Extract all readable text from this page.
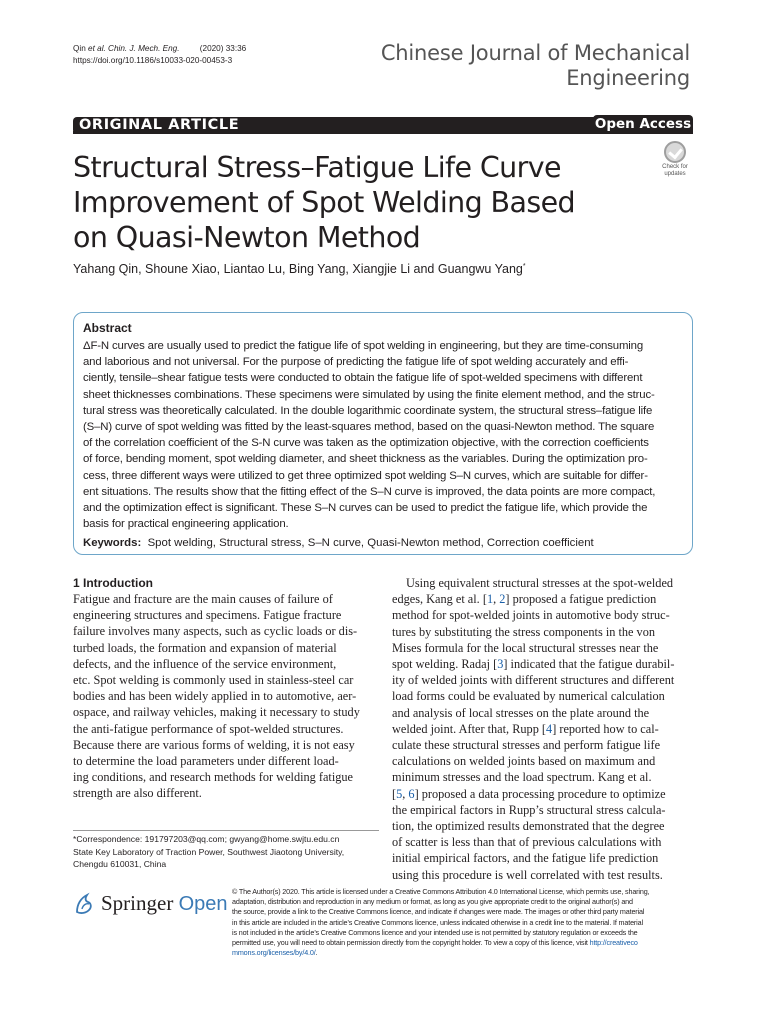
Qin et al. Chin. J. Mech. Eng. (2020) 33:36
https://doi.org/10.1186/s10033-020-00453-3	Chinese Journal of Mechanical
Engineering
ORIGINAL ARTICLE	Open Access
Structural Stress–Fatigue Life Curve
Improvement of Spot Welding Based
on Quasi-Newton Method
Check for updates
Yahang Qin, Shoune Xiao, Liantao Lu, Bing Yang, Xiangjie Li and Guangwu Yang*
Abstract
ΔF-N curves are usually used to predict the fatigue life of spot welding in engineering, but they are time-consuming
and laborious and not universal. For the purpose of predicting the fatigue life of spot welding accurately and effi-
ciently, tensile–shear fatigue tests were conducted to obtain the fatigue life of spot-welded specimens with different
sheet thicknesses combinations. These specimens were simulated by using the finite element method, and the struc-
tural stress was theoretically calculated. In the double logarithmic coordinate system, the structural stress–fatigue life
(S–N) curve of spot welding was fitted by the least-squares method, based on the quasi-Newton method. The square
of the correlation coefficient of the S-N curve was taken as the optimization objective, with the correction coefficients
of force, bending moment, spot welding diameter, and sheet thickness as the variables. During the optimization pro-
cess, three different ways were utilized to get three optimized spot welding S–N curves, which are suitable for differ-
ent situations. The results show that the fitting effect of the S–N curve is improved, the data points are more compact,
and the optimization effect is significant. These S–N curves can be used to predict the fatigue life, which provide the
basis for practical engineering application.
Keywords: Spot welding, Structural stress, S–N curve, Quasi-Newton method, Correction coefficient
1 Introduction
Fatigue and fracture are the main causes of failure of
engineering structures and specimens. Fatigue fracture
failure involves many aspects, such as cyclic loads or dis-
turbed loads, the formation and expansion of material
defects, and the influence of the service environment,
etc. Spot welding is commonly used in stainless-steel car
bodies and has been widely applied in to automotive, aer-
ospace, and railway vehicles, making it necessary to study
the anti-fatigue performance of spot-welded structures.
Because there are various forms of welding, it is not easy
to determine the load parameters under different load-
ing conditions, and research methods for welding fatigue
strength are also different.
Using equivalent structural stresses at the spot-welded
edges, Kang et al. [1, 2] proposed a fatigue prediction
method for spot-welded joints in automotive body struc-
tures by substituting the stress components in the von
Mises formula for the local structural stresses near the
spot welding. Radaj [3] indicated that the fatigue durabil-
ity of welded joints with different structures and different
load forms could be evaluated by numerical calculation
and analysis of local stresses on the plate around the
welded joint. After that, Rupp [4] reported how to cal-
culate these structural stresses and perform fatigue life
calculations on welded joints based on maximum and
minimum stresses and the load spectrum. Kang et al.
[5, 6] proposed a data processing procedure to optimize
the empirical factors in Rupp’s structural stress calcula-
tion, the optimized results demonstrated that the degree
of scatter is less than that of previous calculations with
initial empirical factors, and the fatigue life prediction
using this procedure is well correlated with test results.
*Correspondence: 191797203@qq.com; gwyang@home.swjtu.edu.cn
State Key Laboratory of Traction Power, Southwest Jiaotong University,
Chengdu 610031, China
Springer Open
© The Author(s) 2020. This article is licensed under a Creative Commons Attribution 4.0 International License, which permits use, sharing,
adaptation, distribution and reproduction in any medium or format, as long as you give appropriate credit to the original author(s) and
the source, provide a link to the Creative Commons licence, and indicate if changes were made. The images or other third party material
in this article are included in the article’s Creative Commons licence, unless indicated otherwise in a credit line to the material. If material
is not included in the article’s Creative Commons licence and your intended use is not permitted by statutory regulation or exceeds the
permitted use, you will need to obtain permission directly from the copyright holder. To view a copy of this licence, visit http://creativeco
mmons.org/licenses/by/4.0/.
